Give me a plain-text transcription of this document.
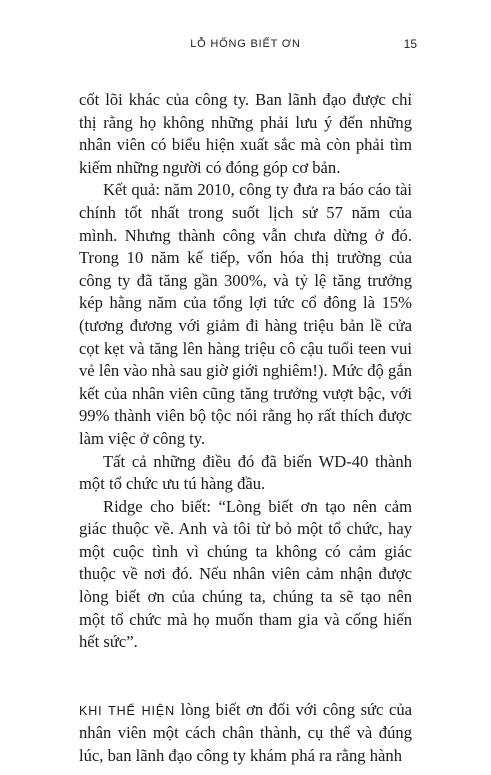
LỖ HỔNG BIẾT ƠN	15

cốt lõi khác của công ty. Ban lãnh đạo được chỉ thị rằng họ không những phải lưu ý đến những nhân viên có biểu hiện xuất sắc mà còn phải tìm kiếm những người có đóng góp cơ bản.

Kết quả: năm 2010, công ty đưa ra báo cáo tài chính tốt nhất trong suốt lịch sử 57 năm của mình. Nhưng thành công vẫn chưa dừng ở đó. Trong 10 năm kế tiếp, vốn hóa thị trường của công ty đã tăng gần 300%, và tỷ lệ tăng trưởng kép hằng năm của tổng lợi tức cổ đông là 15% (tương đương với giảm đi hàng triệu bản lề cửa cọt kẹt và tăng lên hàng triệu cô cậu tuổi teen vui vẻ lên vào nhà sau giờ giới nghiêm!). Mức độ gắn kết của nhân viên cũng tăng trưởng vượt bậc, với 99% thành viên bộ tộc nói rằng họ rất thích được làm việc ở công ty.

Tất cả những điều đó đã biến WD-40 thành một tổ chức ưu tú hàng đầu.

Ridge cho biết: “Lòng biết ơn tạo nên cảm giác thuộc về. Anh và tôi từ bỏ một tổ chức, hay một cuộc tình vì chúng ta không có cảm giác thuộc về nơi đó. Nếu nhân viên cảm nhận được lòng biết ơn của chúng ta, chúng ta sẽ tạo nên một tổ chức mà họ muốn tham gia và cống hiến hết sức”.

KHI THỂ HIỆN lòng biết ơn đối với công sức của nhân viên một cách chân thành, cụ thể và đúng lúc, ban lãnh đạo công ty khám phá ra rằng hành
